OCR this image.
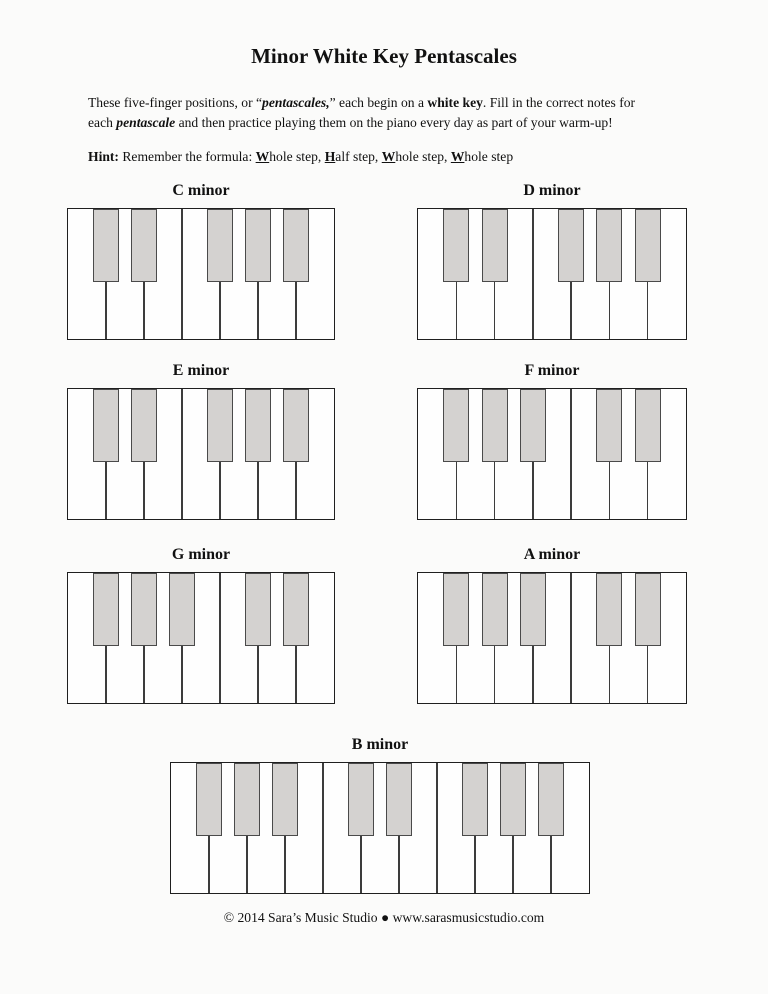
Minor White Key Pentascales
These five-finger positions, or “pentascales,” each begin on a white key. Fill in the correct notes for
each pentascale and then practice playing them on the piano every day as part of your warm-up!
Hint: Remember the formula: Whole step, Half step, Whole step, Whole step
C minor	D minor
E minor	F minor
G minor	A minor
B minor
© 2014 Sara’s Music Studio ● www.sarasmusicstudio.com
